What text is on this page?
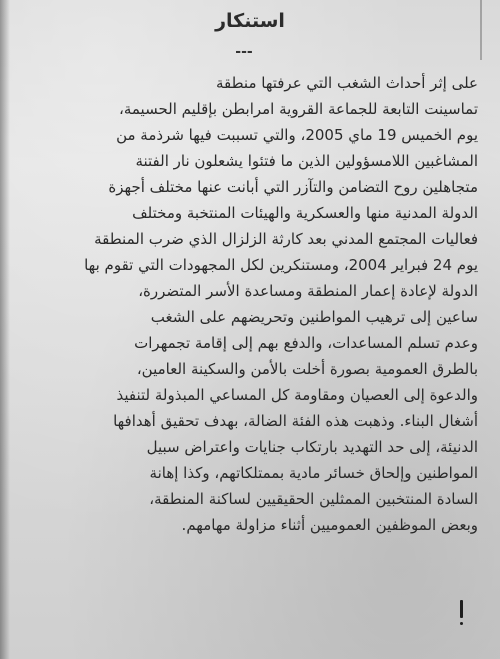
استنكار
---
على إثر أحداث الشغب التي عرفتها منطقة
تماسينت التابعة للجماعة القروية امرابطن بإقليم الحسيمة،
يوم الخميس 19 ماي 2005، والتي تسببت فيها شرذمة من
المشاغبين اللامسؤولين الذين ما فتئوا يشعلون نار الفتنة
متجاهلين روح التضامن والتآزر التي أبانت عنها مختلف أجهزة
الدولة المدنية منها والعسكرية والهيئات المنتخبة ومختلف
فعاليات المجتمع المدني بعد كارثة الزلزال الذي ضرب المنطقة
يوم 24 فبراير 2004، ومستنكرين لكل المجهودات التي تقوم بها
الدولة لإعادة إعمار المنطقة ومساعدة الأسر المتضررة،
ساعين إلى ترهيب المواطنين وتحريضهم على الشغب
وعدم تسلم المساعدات، والدفع بهم إلى إقامة تجمهرات
بالطرق العمومية بصورة أخلت بالأمن والسكينة العامين،
والدعوة إلى العصيان ومقاومة كل المساعي المبذولة لتنفيذ
أشغال البناء. وذهبت هذه الفئة الضالة، بهدف تحقيق أهدافها
الدنيئة، إلى حد التهديد بارتكاب جنايات واعتراض سبيل
المواطنين وإلحاق خسائر مادية بممتلكاتهم، وكذا إهانة
السادة المنتخبين الممثلين الحقيقيين لساكنة المنطقة،
وبعض الموظفين العموميين أثناء مزاولة مهامهم.
